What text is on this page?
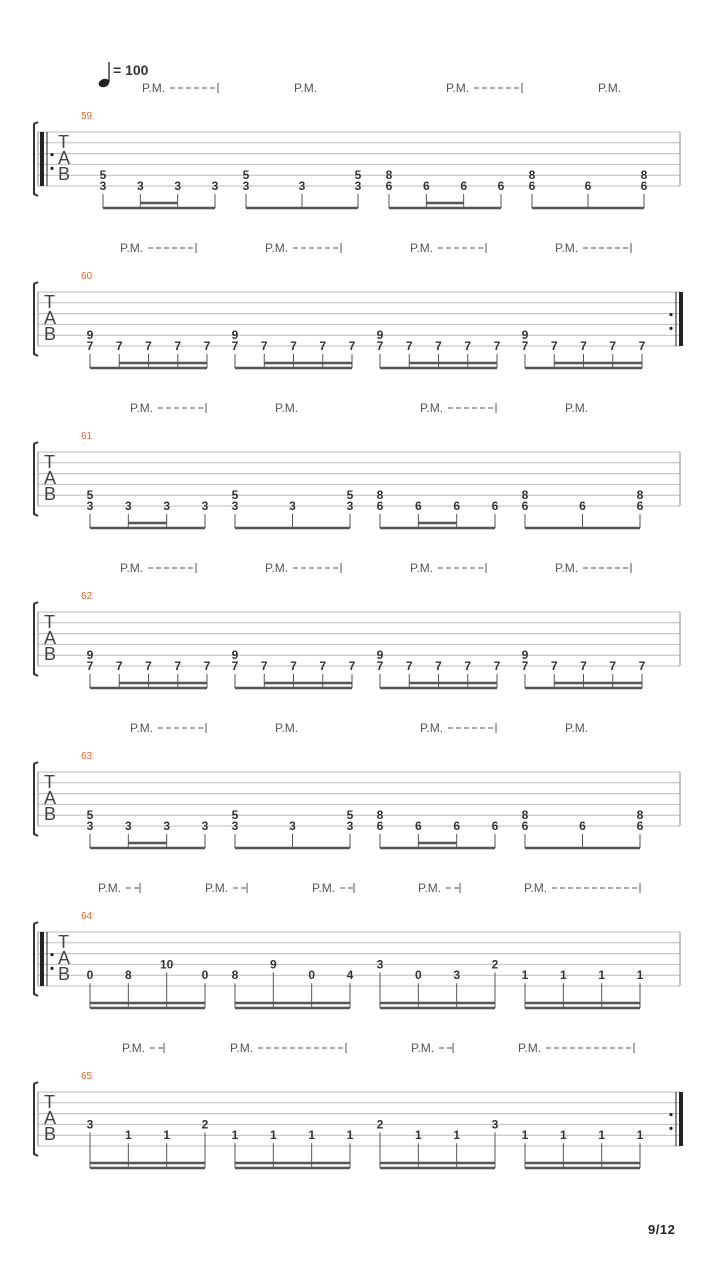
= 100
59
T
A
B 5
3	3	3	3
5
3	3
5
3
8
6	6	6	6
8
6	6
8
6
P.M.	P.M.	P.M.	P.M.
60
T
A
B	9
7 7 7 7 7
9
7 7 7 7 7
9
7 7 7 7 7
9
7 7 7 7 7
P.M.	P.M.	P.M.	P.M.
61
T
A
B	5
3	3	3	3
5
3	3
5
3
8
6	6	6	6
8
6	6
8
6
P.M.	P.M.	P.M.	P.M.
62
T
A
B	9
7 7 7 7 7
9
7 7 7 7 7
9
7 7 7 7 7
9
7 7 7 7 7
P.M.	P.M.	P.M.	P.M.
63
T
A
B	5
3	3	3	3
5
3	3
5
3
8
6	6	6	6
8
6	6
8
6
P.M.	P.M.	P.M.	P.M.
64
T
A
B 0	8
10
0 8
9
0	4
3
0	3
2
1	1	1	1
P.M.	P.M.	P.M.	P.M.	P.M.
65
T
A
B	3
1	1
2
1	1	1	1
2
1	1
3
1	1	1	1
P.M.	P.M.	P.M.	P.M.
9/12
